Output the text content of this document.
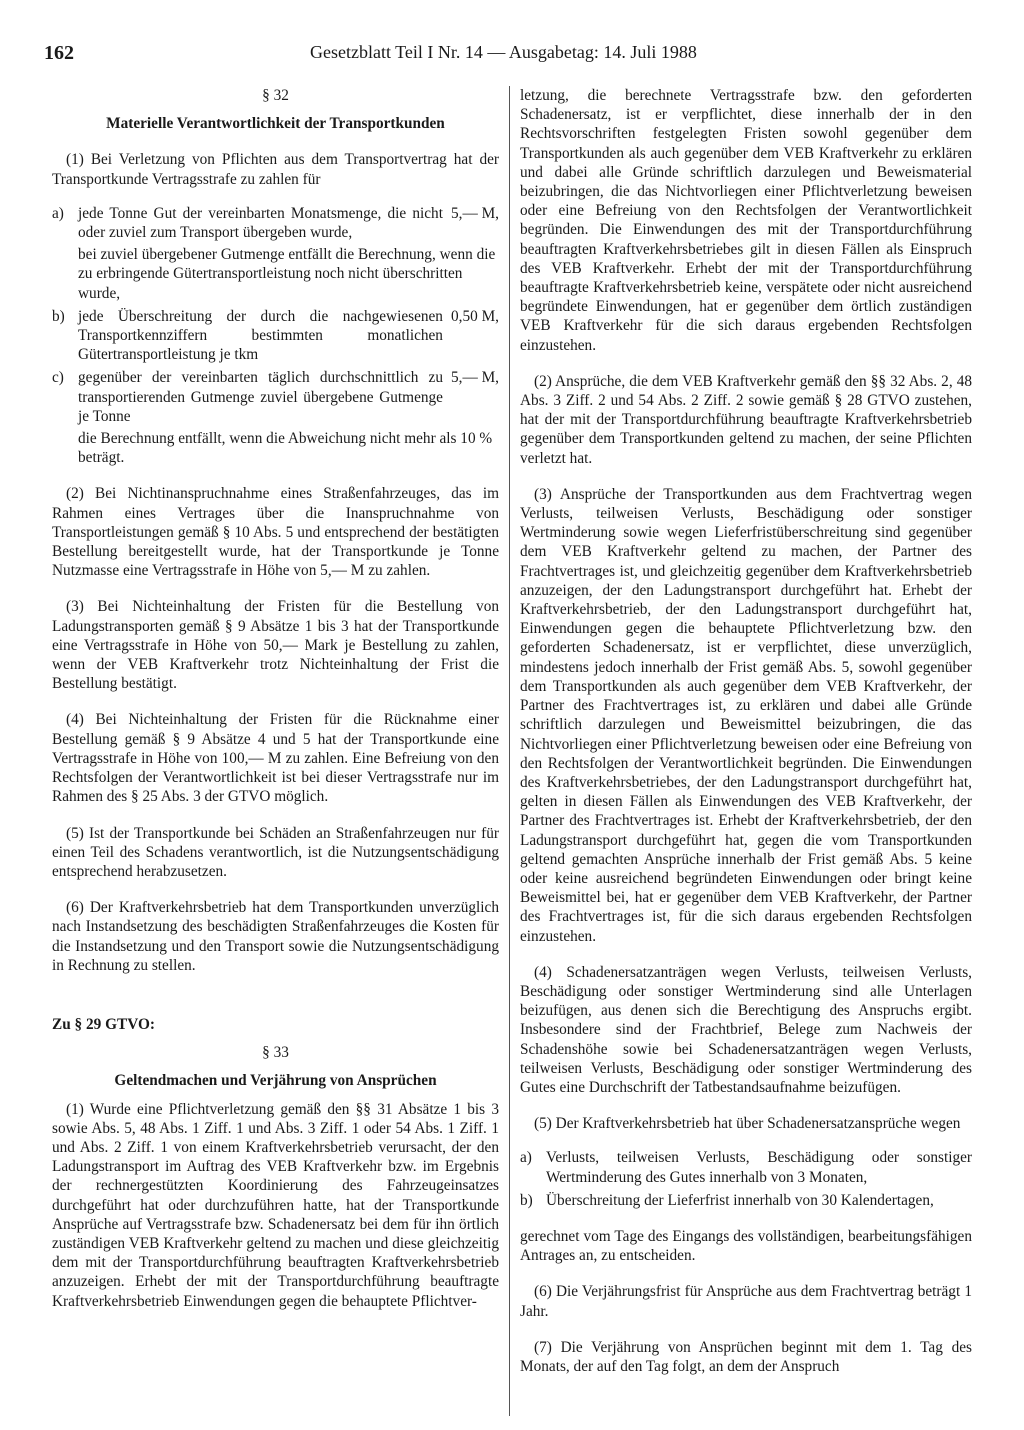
162	Gesetzblatt Teil I Nr. 14 — Ausgabetag: 14. Juli 1988

§ 32

Materielle Verantwortlichkeit der Transportkunden

(1) Bei Verletzung von Pflichten aus dem Transportvertrag hat der Transportkunde Vertragsstrafe zu zahlen für

a) jede Tonne Gut der vereinbarten Monatsmenge, die nicht oder zuviel zum Transport übergeben wurde,
5,— M,

bei zuviel übergebener Gutmenge entfällt die Berechnung, wenn die zu erbringende Gütertransportleistung noch nicht überschritten wurde,

b) jede Überschreitung der durch die nachgewiesenen Transportkennziffern bestimmten monatlichen Gütertransportleistung je tkm
0,50 M,
c) gegenüber der vereinbarten täglich durchschnittlich zu transportierenden Gutmenge zuviel übergebene Gutmenge je Tonne
5,— M,

die Berechnung entfällt, wenn die Abweichung nicht mehr als 10 % beträgt.

(2) Bei Nichtinanspruchnahme eines Straßenfahrzeuges, das im Rahmen eines Vertrages über die Inanspruchnahme von Transportleistungen gemäß § 10 Abs. 5 und entsprechend der bestätigten Bestellung bereitgestellt wurde, hat der Transportkunde je Tonne Nutzmasse eine Vertragsstrafe in Höhe von 5,— M zu zahlen.

(3) Bei Nichteinhaltung der Fristen für die Bestellung von Ladungstransporten gemäß § 9 Absätze 1 bis 3 hat der Transportkunde eine Vertragsstrafe in Höhe von 50,— Mark je Bestellung zu zahlen, wenn der VEB Kraftverkehr trotz Nichteinhaltung der Frist die Bestellung bestätigt.

(4) Bei Nichteinhaltung der Fristen für die Rücknahme einer Bestellung gemäß § 9 Absätze 4 und 5 hat der Transportkunde eine Vertragsstrafe in Höhe von 100,— M zu zahlen. Eine Befreiung von den Rechtsfolgen der Verantwortlichkeit ist bei dieser Vertragsstrafe nur im Rahmen des § 25 Abs. 3 der GTVO möglich.

(5) Ist der Transportkunde bei Schäden an Straßenfahrzeugen nur für einen Teil des Schadens verantwortlich, ist die Nutzungsentschädigung entsprechend herabzusetzen.

(6) Der Kraftverkehrsbetrieb hat dem Transportkunden unverzüglich nach Instandsetzung des beschädigten Straßenfahrzeuges die Kosten für die Instandsetzung und den Transport sowie die Nutzungsentschädigung in Rechnung zu stellen.

Zu § 29 GTVO:

§ 33

Geltendmachen und Verjährung von Ansprüchen

(1) Wurde eine Pflichtverletzung gemäß den §§ 31 Absätze 1 bis 3 sowie Abs. 5, 48 Abs. 1 Ziff. 1 und Abs. 3 Ziff. 1 oder 54 Abs. 1 Ziff. 1 und Abs. 2 Ziff. 1 von einem Kraftverkehrsbetrieb verursacht, der den Ladungstransport im Auftrag des VEB Kraftverkehr bzw. im Ergebnis der rechnergestützten Koordinierung des Fahrzeugeinsatzes durchgeführt hat oder durchzuführen hatte, hat der Transportkunde Ansprüche auf Vertragsstrafe bzw. Schadenersatz bei dem für ihn örtlich zuständigen VEB Kraftverkehr geltend zu machen und diese gleichzeitig dem mit der Transportdurchführung beauftragten Kraftverkehrsbetrieb anzuzeigen. Erhebt der mit der Transportdurchführung beauftragte Kraftverkehrsbetrieb Einwendungen gegen die behauptete Pflichtver-

letzung, die berechnete Vertragsstrafe bzw. den geforderten Schadenersatz, ist er verpflichtet, diese innerhalb der in den Rechtsvorschriften festgelegten Fristen sowohl gegenüber dem Transportkunden als auch gegenüber dem VEB Kraftverkehr zu erklären und dabei alle Gründe schriftlich darzulegen und Beweismaterial beizubringen, die das Nichtvorliegen einer Pflichtverletzung beweisen oder eine Befreiung von den Rechtsfolgen der Verantwortlichkeit begründen. Die Einwendungen des mit der Transportdurchführung beauftragten Kraftverkehrsbetriebes gilt in diesen Fällen als Einspruch des VEB Kraftverkehr. Erhebt der mit der Transportdurchführung beauftragte Kraftverkehrsbetrieb keine, verspätete oder nicht ausreichend begründete Einwendungen, hat er gegenüber dem örtlich zuständigen VEB Kraftverkehr für die sich daraus ergebenden Rechtsfolgen einzustehen.

(2) Ansprüche, die dem VEB Kraftverkehr gemäß den §§ 32 Abs. 2, 48 Abs. 3 Ziff. 2 und 54 Abs. 2 Ziff. 2 sowie gemäß § 28 GTVO zustehen, hat der mit der Transportdurchführung beauftragte Kraftverkehrsbetrieb gegenüber dem Transportkunden geltend zu machen, der seine Pflichten verletzt hat.

(3) Ansprüche der Transportkunden aus dem Frachtvertrag wegen Verlusts, teilweisen Verlusts, Beschädigung oder sonstiger Wertminderung sowie wegen Lieferfristüberschreitung sind gegenüber dem VEB Kraftverkehr geltend zu machen, der Partner des Frachtvertrages ist, und gleichzeitig gegenüber dem Kraftverkehrsbetrieb anzuzeigen, der den Ladungstransport durchgeführt hat. Erhebt der Kraftverkehrsbetrieb, der den Ladungstransport durchgeführt hat, Einwendungen gegen die behauptete Pflichtverletzung bzw. den geforderten Schadenersatz, ist er verpflichtet, diese unverzüglich, mindestens jedoch innerhalb der Frist gemäß Abs. 5, sowohl gegenüber dem Transportkunden als auch gegenüber dem VEB Kraftverkehr, der Partner des Frachtvertrages ist, zu erklären und dabei alle Gründe schriftlich darzulegen und Beweismittel beizubringen, die das Nichtvorliegen einer Pflichtverletzung beweisen oder eine Befreiung von den Rechtsfolgen der Verantwortlichkeit begründen. Die Einwendungen des Kraftverkehrsbetriebes, der den Ladungstransport durchgeführt hat, gelten in diesen Fällen als Einwendungen des VEB Kraftverkehr, der Partner des Frachtvertrages ist. Erhebt der Kraftverkehrsbetrieb, der den Ladungstransport durchgeführt hat, gegen die vom Transportkunden geltend gemachten Ansprüche innerhalb der Frist gemäß Abs. 5 keine oder keine ausreichend begründeten Einwendungen oder bringt keine Beweismittel bei, hat er gegenüber dem VEB Kraftverkehr, der Partner des Frachtvertrages ist, für die sich daraus ergebenden Rechtsfolgen einzustehen.

(4) Schadenersatzanträgen wegen Verlusts, teilweisen Verlusts, Beschädigung oder sonstiger Wertminderung sind alle Unterlagen beizufügen, aus denen sich die Berechtigung des Anspruchs ergibt. Insbesondere sind der Frachtbrief, Belege zum Nachweis der Schadenshöhe sowie bei Schadenersatzanträgen wegen Verlusts, teilweisen Verlusts, Beschädigung oder sonstiger Wertminderung des Gutes eine Durchschrift der Tatbestandsaufnahme beizufügen.

(5) Der Kraftverkehrsbetrieb hat über Schadenersatzansprüche wegen

a) Verlusts, teilweisen Verlusts, Beschädigung oder sonstiger Wertminderung des Gutes innerhalb von 3 Monaten,
b) Überschreitung der Lieferfrist innerhalb von 30 Kalendertagen,

gerechnet vom Tage des Eingangs des vollständigen, bearbeitungsfähigen Antrages an, zu entscheiden.

(6) Die Verjährungsfrist für Ansprüche aus dem Frachtvertrag beträgt 1 Jahr.

(7) Die Verjährung von Ansprüchen beginnt mit dem 1. Tag des Monats, der auf den Tag folgt, an dem der Anspruch
